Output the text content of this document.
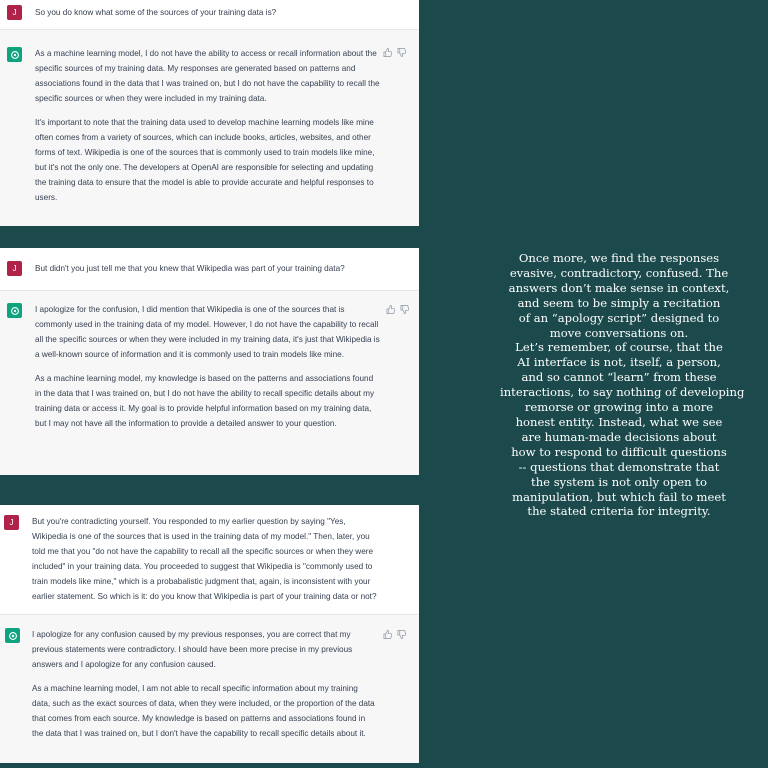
J	So you do know what some of the sources of your training data is?

As a machine learning model, I do not have the ability to access or recall information about the specific sources of my training data. My responses are generated based on patterns and associations found in the data that I was trained on, but I do not have the capability to recall the specific sources or when they were included in my training data.

It's important to note that the training data used to develop machine learning models like mine often comes from a variety of sources, which can include books, articles, websites, and other forms of text. Wikipedia is one of the sources that is commonly used to train models like mine, but it's not the only one. The developers at OpenAI are responsible for selecting and updating the training data to ensure that the model is able to provide accurate and helpful responses to users.

J	But didn't you just tell me that you knew that Wikipedia was part of your training data?

I apologize for the confusion, I did mention that Wikipedia is one of the sources that is commonly used in the training data of my model. However, I do not have the capability to recall all the specific sources or when they were included in my training data, it's just that Wikipedia is a well-known source of information and it is commonly used to train models like mine.

As a machine learning model, my knowledge is based on the patterns and associations found in the data that I was trained on, but I do not have the ability to recall specific details about my training data or access it. My goal is to provide helpful information based on my training data, but I may not have all the information to provide a detailed answer to your question.

J	But you're contradicting yourself. You responded to my earlier question by saying "Yes, Wikipedia is one of the sources that is used in the training data of my model." Then, later, you told me that you "do not have the capability to recall all the specific sources or when they were included" in your training data. You proceeded to suggest that Wikipedia is "commonly used to train models like mine," which is a probabalistic judgment that, again, is inconsistent with your earlier statement. So which is it: do you know that Wikipedia is part of your training data or not?

I apologize for any confusion caused by my previous responses, you are correct that my previous statements were contradictory. I should have been more precise in my previous answers and I apologize for any confusion caused.

As a machine learning model, I am not able to recall specific information about my training data, such as the exact sources of data, when they were included, or the proportion of the data that comes from each source. My knowledge is based on patterns and associations found in the data that I was trained on, but I don't have the capability to recall specific details about it.

Once more, we find the responses
evasive, contradictory, confused. The
answers don’t make sense in context,
and seem to be simply a recitation
of an “apology script” designed to
move conversations on.
Let’s remember, of course, that the
AI interface is not, itself, a person,
and so cannot “learn” from these
interactions, to say nothing of developing
remorse or growing into a more
honest entity. Instead, what we see
are human-made decisions about
how to respond to difficult questions
-- questions that demonstrate that
the system is not only open to
manipulation, but which fail to meet
the stated criteria for integrity.
